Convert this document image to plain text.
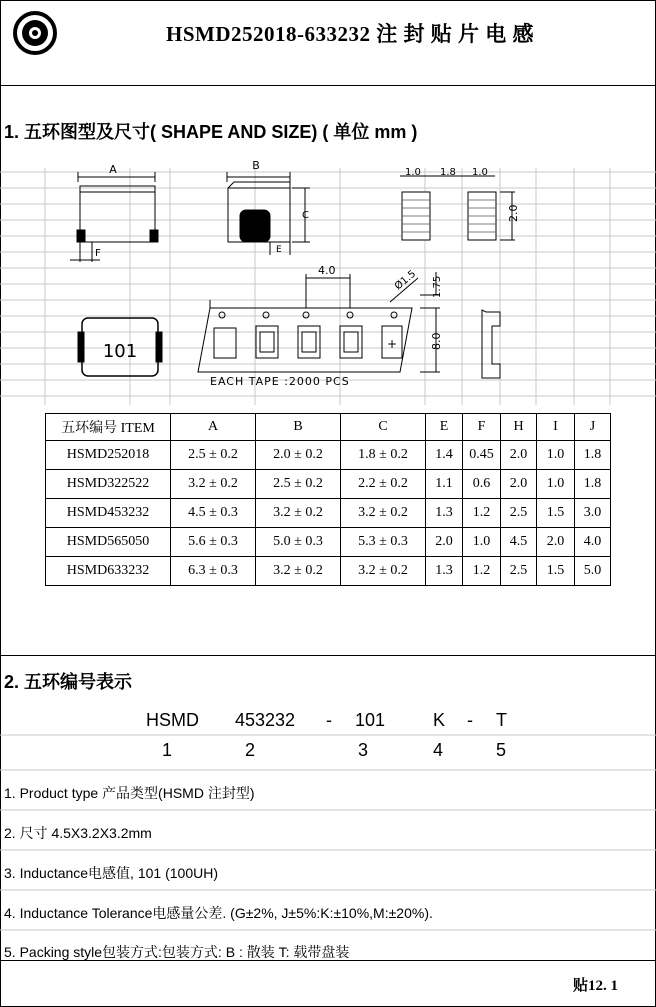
HSMD252018-633232 注 封 贴 片 电 感
1. 五环图型及尺寸( SHAPE AND SIZE) ( 单位 mm )
A
F
B
C
E
1.0 1.8 1.0
2.0
4.0	Ø1.5 1.75
8.0
101	+
EACH TAPE :2000 PCS
五环编号 ITEM	A	B	C	E	F	H	I	J
HSMD252018	2.5 ± 0.2	2.0 ± 0.2	1.8 ± 0.2	1.4	0.45	2.0	1.0	1.8
HSMD322522	3.2 ± 0.2	2.5 ± 0.2	2.2 ± 0.2	1.1	0.6	2.0	1.0	1.8
HSMD453232	4.5 ± 0.3	3.2 ± 0.2	3.2 ± 0.2	1.3	1.2	2.5	1.5	3.0
HSMD565050	5.6 ± 0.3	5.0 ± 0.3	5.3 ± 0.3	2.0	1.0	4.5	2.0	4.0
HSMD633232	6.3 ± 0.3	3.2 ± 0.2	3.2 ± 0.2	1.3	1.2	2.5	1.5	5.0
2. 五环编号表示
HSMD 453232 - 101	K - T
1	2	3	4	5
1. Product type 产品类型(HSMD 注封型)
2. 尺寸 4.5X3.2X3.2mm
3. Inductance电感值, 101 (100UH)
4. Inductance Tolerance电感量公差. (G±2%, J±5%:K:±10%,M:±20%).
5. Packing style包装方式:包装方式: B : 散装 T: 载带盘装
贴12. 1
